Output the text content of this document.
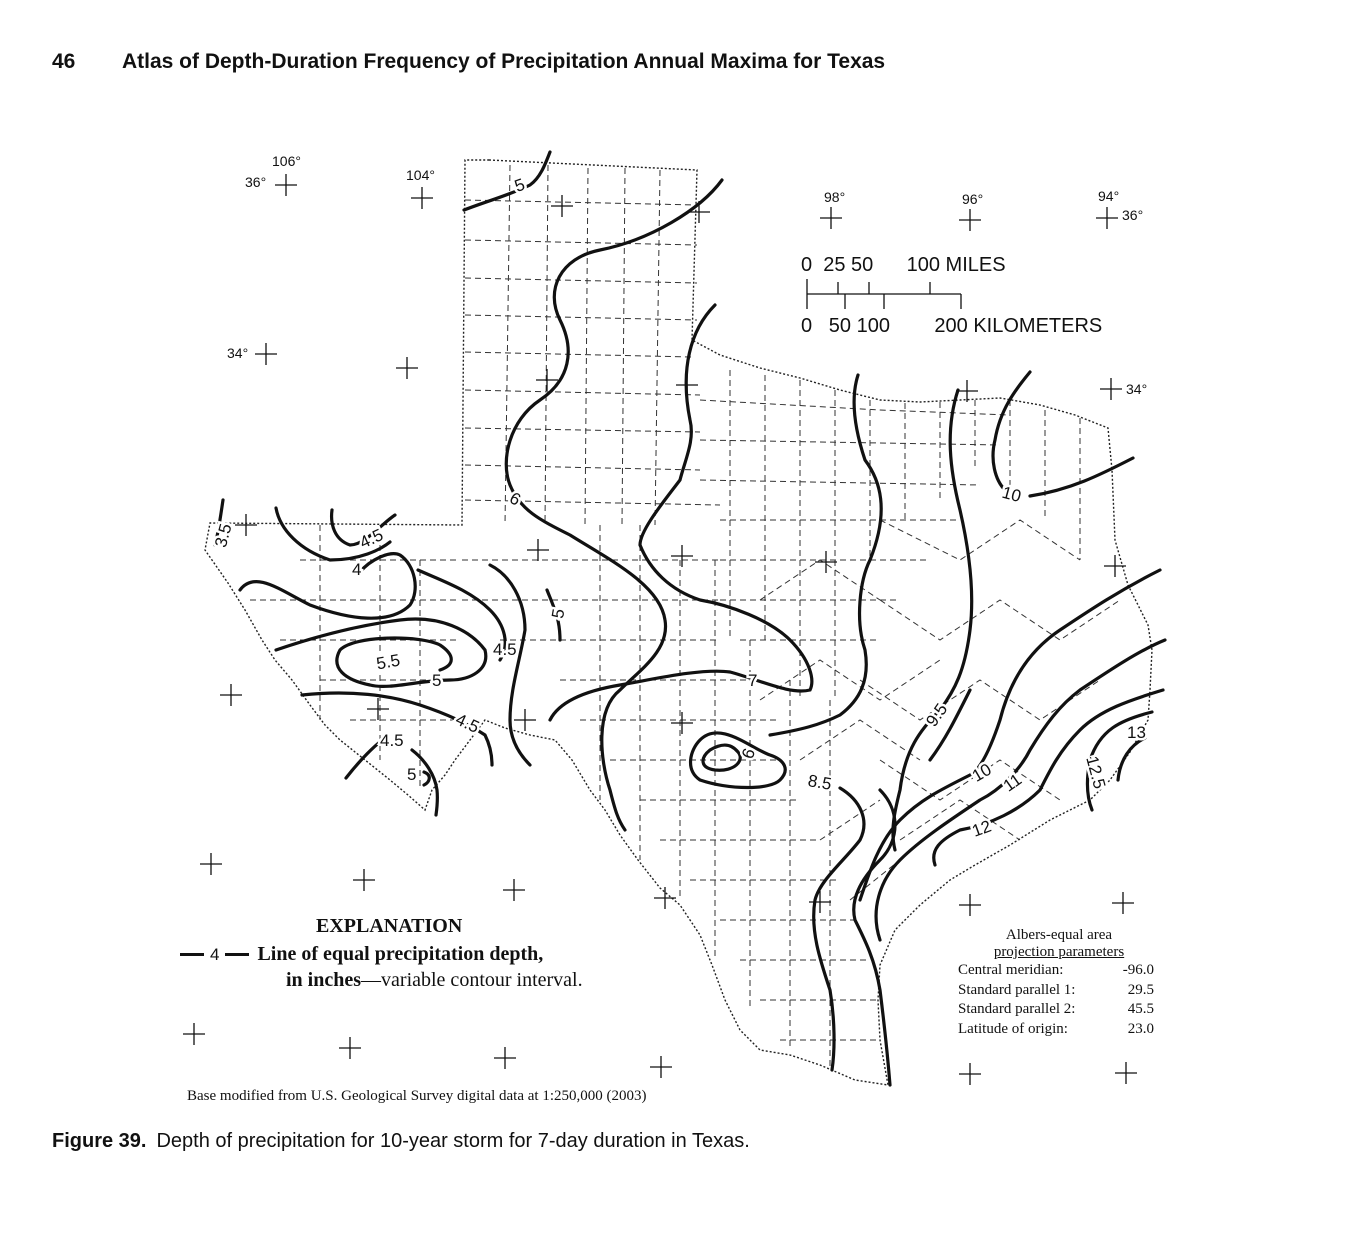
46 Atlas of Depth-Duration Frequency of Precipitation Annual Maxima for Texas
106°
36°	104°
98°	96°	94°
36°
34°
34°
0  25 50      100 MILES
0   50 100        200 KILOMETERS
5
6
3.5	4.5
4
5.5
5
4.5
5
4.5
4.5
5
7
9
8.5
9.5
10
10 11
12
12.5
13
EXPLANATION
4 Line of equal precipitation depth,
in inches—variable contour interval.
Albers-equal area
projection parameters
Central meridian:	-96.0
Standard parallel 1:	29.5
Standard parallel 2:	45.5
Latitude of origin:	23.0
Base modified from U.S. Geological Survey digital data at 1:250,000 (2003)
Figure 39. Depth of precipitation for 10-year storm for 7-day duration in Texas.
